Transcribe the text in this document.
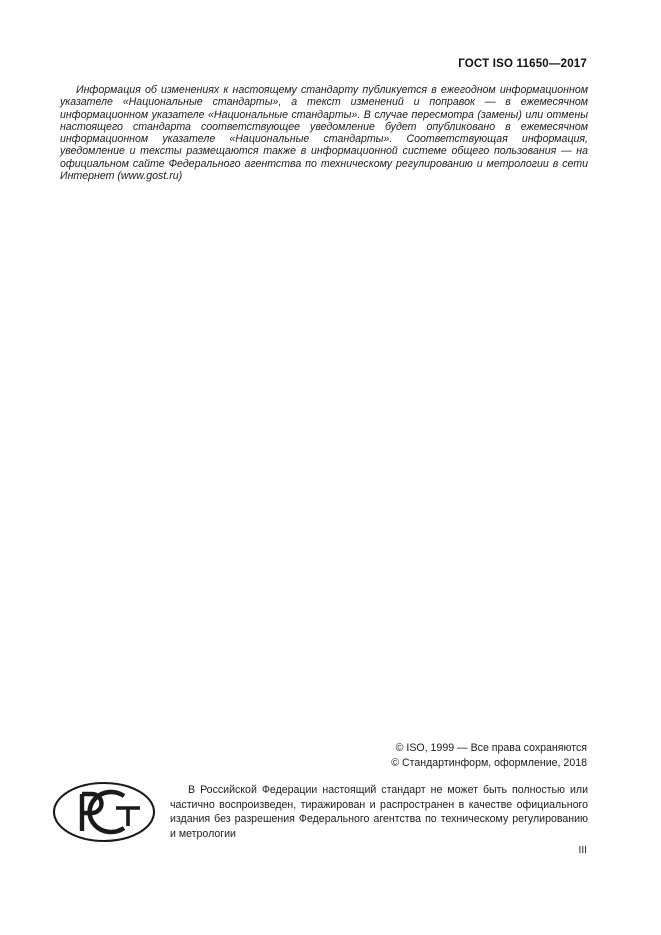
ГОСТ ISO 11650—2017

Информация об изменениях к настоящему стандарту публикуется в ежегодном информационном указателе «Национальные стандарты», а текст изменений и поправок — в ежемесячном информационном указателе «Национальные стандарты». В случае пересмотра (замены) или отмены настоящего стандарта соответствующее уведомление будет опубликовано в ежемесячном информационном указателе «Национальные стандарты». Соответствующая информация, уведомление и тексты размещаются также в информационной системе общего пользования — на официальном сайте Федерального агентства по техническому регулированию и метрологии в сети Интернет (www.gost.ru)

© ISO, 1999 — Все права сохраняются
© Стандартинформ, оформление, 2018

В Российской Федерации настоящий стандарт не может быть полностью или частично воспроизведен, тиражирован и распространен в качестве официального издания без разрешения Федерального агентства по техническому регулированию и метрологии

III
